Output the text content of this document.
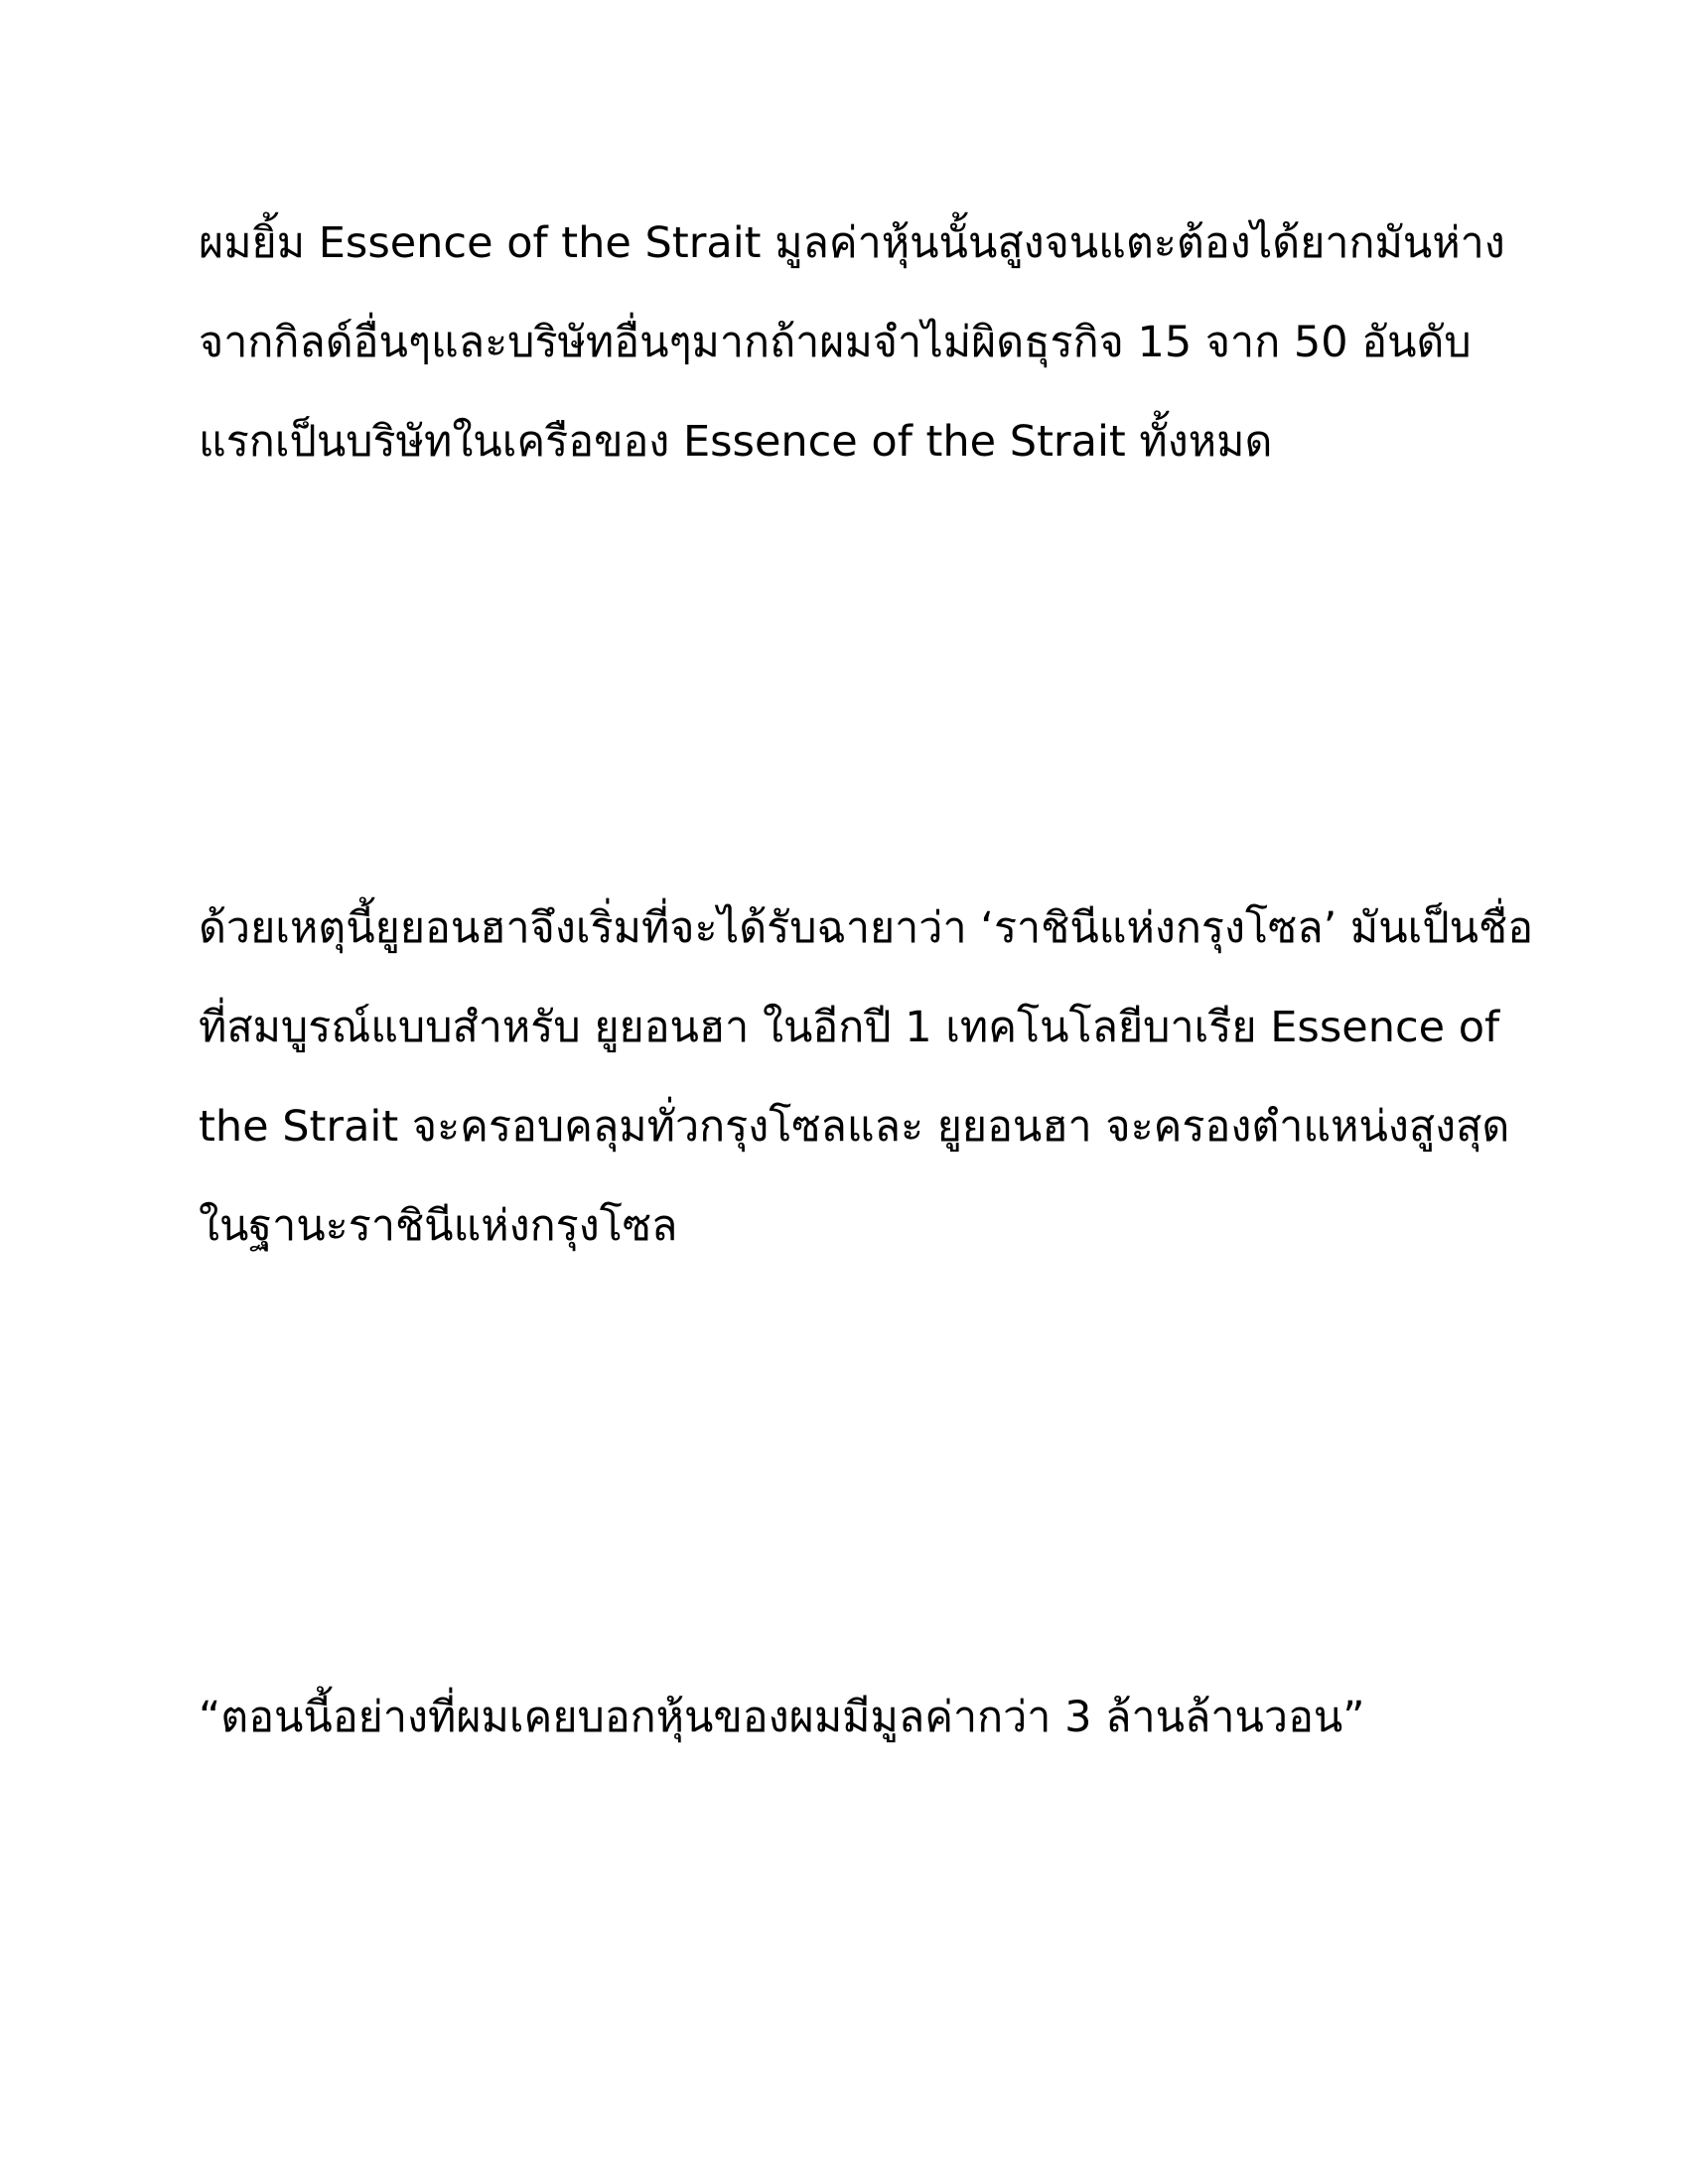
ผมยิ้ม Essence of the Strait มูลค่าหุ้นนั้นสูงจนแตะต้องได้ยากมันห่าง

จากกิลด์อื่นๆและบริษัทอื่นๆมากถ้าผมจำไม่ผิดธุรกิจ 15 จาก 50 อันดับ

แรกเป็นบริษัทในเครือของ Essence of the Strait ทั้งหมด

ด้วยเหตุนี้ยูยอนฮาจึงเริ่มที่จะได้รับฉายาว่า ‘ราชินีแห่งกรุงโซล’ มันเป็นชื่อ

ที่สมบูรณ์แบบสำหรับ ยูยอนฮา ในอีกปี 1 เทคโนโลยีบาเรีย Essence of

the Strait จะครอบคลุมทั่วกรุงโซลและ ยูยอนฮา จะครองตำแหน่งสูงสุด

ในฐานะราชินีแห่งกรุงโซล

“ตอนนี้อย่างที่ผมเคยบอกหุ้นของผมมีมูลค่ากว่า 3 ล้านล้านวอน”
